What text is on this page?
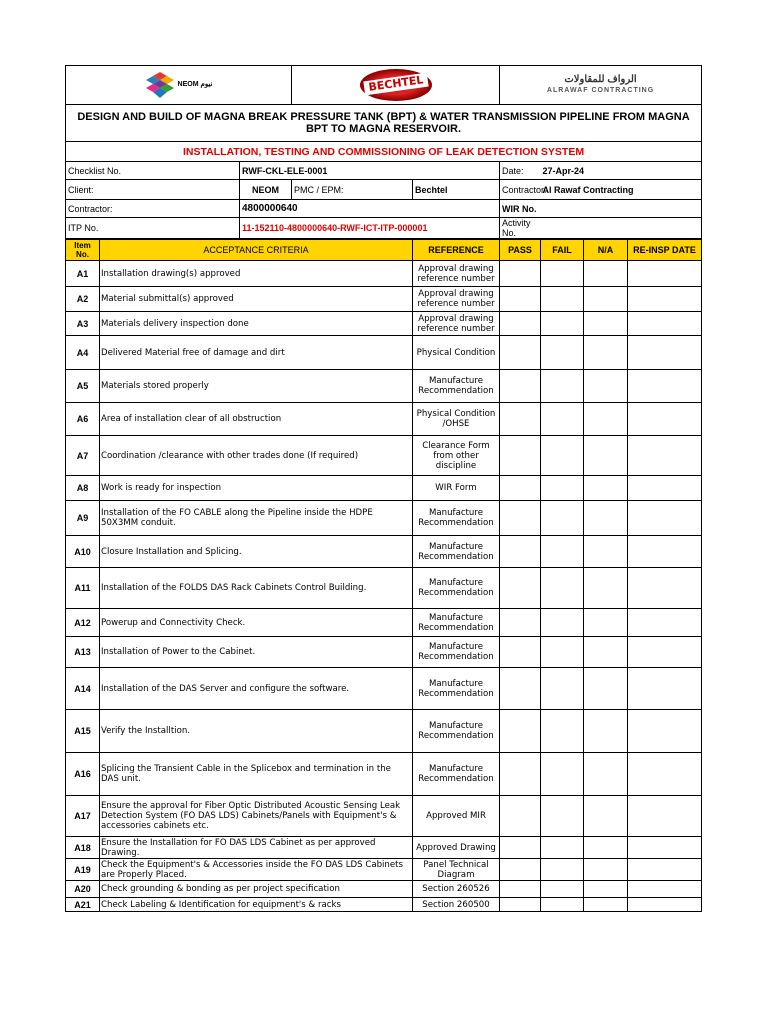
NEOM نيوم		BECHTEL		الرواف للمقاولات
ALRAWAF CONTRACTING	

DESIGN AND BUILD OF MAGNA BREAK PRESSURE TANK (BPT) & WATER TRANSMISSION PIPELINE FROM MAGNA BPT TO MAGNA RESERVOIR.					
INSTALLATION, TESTING AND COMMISSIONING OF LEAK DETECTION SYSTEM					
Checklist No.	RWF-CKL-ELE-0001			Date:	27-Apr-24
Client:	NEOM	PMC / EPM:	Bechtel	Contractor:	Al Rawaf Contracting
Contractor:	4800000640			WIR No.	
ITP No.	11-152110-4800000640-RWF-ICT-ITP-000001			Activity No.	
Item No.	ACCEPTANCE CRITERIA	REFERENCE	PASS	FAIL	N/A	RE-INSP DATE
A1	Installation drawing(s) approved	Approval drawing reference number				
A2	Material submittal(s) approved	Approval drawing reference number				
A3	Materials delivery inspection done	Approval drawing reference number				
A4	Delivered Material free of damage and dirt	Physical Condition				
A5	Materials stored properly	Manufacture Recommendation				
A6	Area of installation clear of all obstruction	Physical Condition /OHSE				
A7	Coordination /clearance with other trades done (If required)	Clearance Form from other discipline				
A8	Work is ready for inspection	WIR Form				
A9	Installation of the FO CABLE along the Pipeline inside the HDPE 50X3MM conduit.	Manufacture Recommendation				
A10	Closure Installation and Splicing.	Manufacture Recommendation				
A11	Installation of the FOLDS DAS Rack Cabinets Control Building.	Manufacture Recommendation				
A12	Powerup and Connectivity Check.	Manufacture Recommendation				
A13	Installation of Power to the Cabinet.	Manufacture Recommendation				
A14	Installation of the DAS Server and configure the software.	Manufacture Recommendation				
A15	Verify the Installtion.	Manufacture Recommendation				
A16	Splicing the Transient Cable in the Splicebox and termination in the DAS unit.	Manufacture Recommendation				
A17	Ensure the approval for Fiber Optic Distributed Acoustic Sensing Leak Detection System (FO DAS LDS) Cabinets/Panels with Equipment's & accessories cabinets etc.	Approved MIR				
A18	Ensure the Installation for FO DAS LDS Cabinet as per approved Drawing.	Approved Drawing				
A19	Check the Equipment's & Accessories inside the FO DAS LDS Cabinets are Properly Placed.	Panel Technical Diagram				
A20	Check grounding & bonding as per project specification	Section 260526				
A21	Check Labeling & Identification for equipment's & racks	Section 260500				
